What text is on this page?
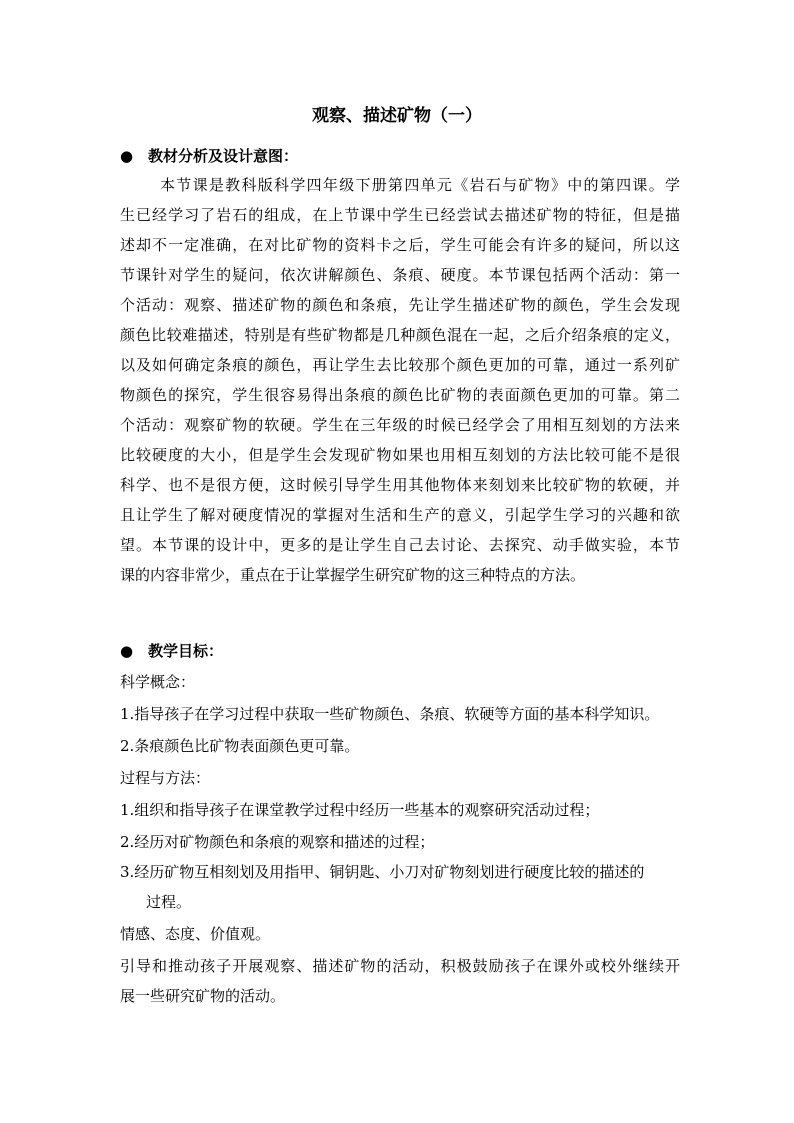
观察、描述矿物（一）
● 教材分析及设计意图：
本节课是教科版科学四年级下册第四单元《岩石与矿物》中的第四课。学
生已经学习了岩石的组成，在上节课中学生已经尝试去描述矿物的特征，但是描
述却不一定准确，在对比矿物的资料卡之后，学生可能会有许多的疑问，所以这
节课针对学生的疑问，依次讲解颜色、条痕、硬度。本节课包括两个活动：第一
个活动：观察、描述矿物的颜色和条痕，先让学生描述矿物的颜色，学生会发现
颜色比较难描述，特别是有些矿物都是几种颜色混在一起，之后介绍条痕的定义，
以及如何确定条痕的颜色，再让学生去比较那个颜色更加的可靠，通过一系列矿
物颜色的探究，学生很容易得出条痕的颜色比矿物的表面颜色更加的可靠。第二
个活动：观察矿物的软硬。学生在三年级的时候已经学会了用相互刻划的方法来
比较硬度的大小，但是学生会发现矿物如果也用相互刻划的方法比较可能不是很
科学、也不是很方便，这时候引导学生用其他物体来刻划来比较矿物的软硬，并
且让学生了解对硬度情况的掌握对生活和生产的意义，引起学生学习的兴趣和欲
望。本节课的设计中，更多的是让学生自己去讨论、去探究、动手做实验，本节
课的内容非常少，重点在于让掌握学生研究矿物的这三种特点的方法。
● 教学目标：
科学概念：
1.指导孩子在学习过程中获取一些矿物颜色、条痕、软硬等方面的基本科学知识。
2.条痕颜色比矿物表面颜色更可靠。
过程与方法：
1.组织和指导孩子在课堂教学过程中经历一些基本的观察研究活动过程；
2.经历对矿物颜色和条痕的观察和描述的过程；
3.经历矿物互相刻划及用指甲、铜钥匙、小刀对矿物刻划进行硬度比较的描述的
过程。
情感、态度、价值观。
引导和推动孩子开展观察、描述矿物的活动，积极鼓励孩子在课外或校外继续开
展一些研究矿物的活动。
